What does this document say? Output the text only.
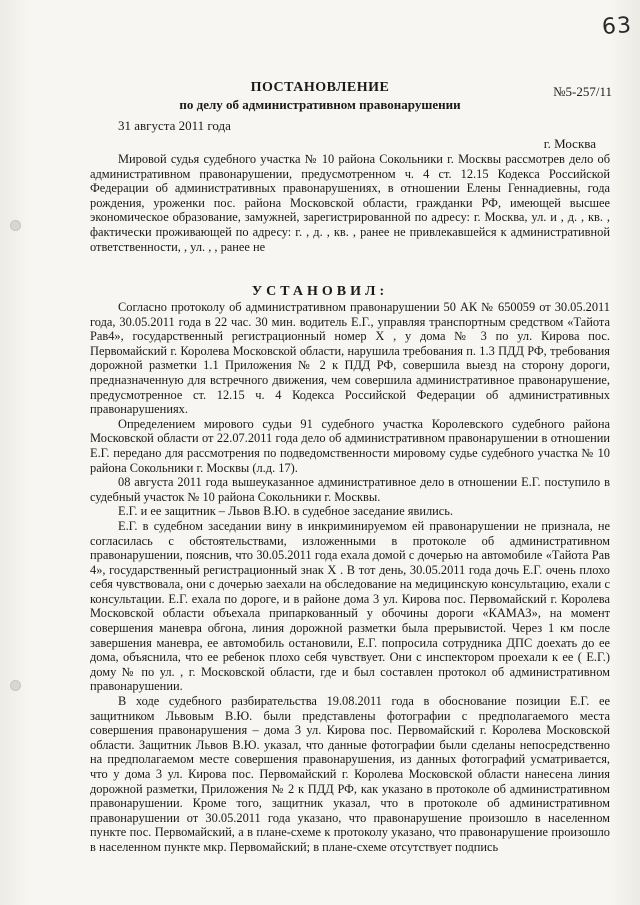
63
№5-257/11
ПОСТАНОВЛЕНИЕ
по делу об административном правонарушении
31 августа 2011 года
г. Москва

Мировой судья судебного участка № 10 района Сокольники г. Москвы рассмотрев дело об административном правонарушении, предусмотренном ч. 4 ст. 12.15 Кодекса Российской Федерации об административных правонарушениях, в отношении Елены Геннадиевны, года рождения, уроженки пос. района Московской области, гражданки РФ, имеющей высшее экономическое образование, замужней, зарегистрированной по адресу: г. Москва, ул. и , д. , кв. , фактически проживающей по адресу: г. , д. , кв. , ранее не привлекавшейся к административной ответственности, , ул. , , ранее не

УСТАНОВИЛ:

Согласно протоколу об административном правонарушении 50 АК № 650059 от 30.05.2011 года, 30.05.2011 года в 22 час. 30 мин. водитель Е.Г., управляя транспортным средством «Тайота Рав4», государственный регистрационный номер Х , у дома № 3 по ул. Кирова пос. Первомайский г. Королева Московской области, нарушила требования п. 1.3 ПДД РФ, требования дорожной разметки 1.1 Приложения № 2 к ПДД РФ, совершила выезд на сторону дороги, предназначенную для встречного движения, чем совершила административное правонарушение, предусмотренное ст. 12.15 ч. 4 Кодекса Российской Федерации об административных правонарушениях.

Определением мирового судьи 91 судебного участка Королевского судебного района Московской области от 22.07.2011 года дело об административном правонарушении в отношении Е.Г. передано для рассмотрения по подведомственности мировому судье судебного участка № 10 района Сокольники г. Москвы (л.д. 17).

08 августа 2011 года вышеуказанное административное дело в отношении Е.Г. поступило в судебный участок № 10 района Сокольники г. Москвы.

Е.Г. и ее защитник – Львов В.Ю. в судебное заседание явились.

Е.Г. в судебном заседании вину в инкриминируемом ей правонарушении не признала, не согласилась с обстоятельствами, изложенными в протоколе об административном правонарушении, пояснив, что 30.05.2011 года ехала домой с дочерью на автомобиле «Тайота Рав 4», государственный регистрационный знак Х . В тот день, 30.05.2011 года дочь Е.Г. очень плохо себя чувствовала, они с дочерью заехали на обследование на медицинскую консультацию, ехали с консультации. Е.Г. ехала по дороге, и в районе дома 3 ул. Кирова пос. Первомайский г. Королева Московской области объехала припаркованный у обочины дороги «КАМАЗ», на момент совершения маневра обгона, линия дорожной разметки была прерывистой. Через 1 км после завершения маневра, ее автомобиль остановили, Е.Г. попросила сотрудника ДПС доехать до ее дома, объяснила, что ее ребенок плохо себя чувствует. Они с инспектором проехали к ее ( Е.Г.) дому № по ул. , г. Московской области, где и был составлен протокол об административном правонарушении.

В ходе судебного разбирательства 19.08.2011 года в обоснование позиции Е.Г. ее защитником Львовым В.Ю. были представлены фотографии с предполагаемого места совершения правонарушения – дома 3 ул. Кирова пос. Первомайский г. Королева Московской области. Защитник Львов В.Ю. указал, что данные фотографии были сделаны непосредственно на предполагаемом месте совершения правонарушения, из данных фотографий усматривается, что у дома 3 ул. Кирова пос. Первомайский г. Королева Московской области нанесена линия дорожной разметки, Приложения № 2 к ПДД РФ, как указано в протоколе об административном правонарушении. Кроме того, защитник указал, что в протоколе об административном правонарушении от 30.05.2011 года указано, что правонарушение произошло в населенном пункте пос. Первомайский, а в плане-схеме к протоколу указано, что правонарушение произошло в населенном пункте мкр. Первомайский; в плане-схеме отсутствует подпись
